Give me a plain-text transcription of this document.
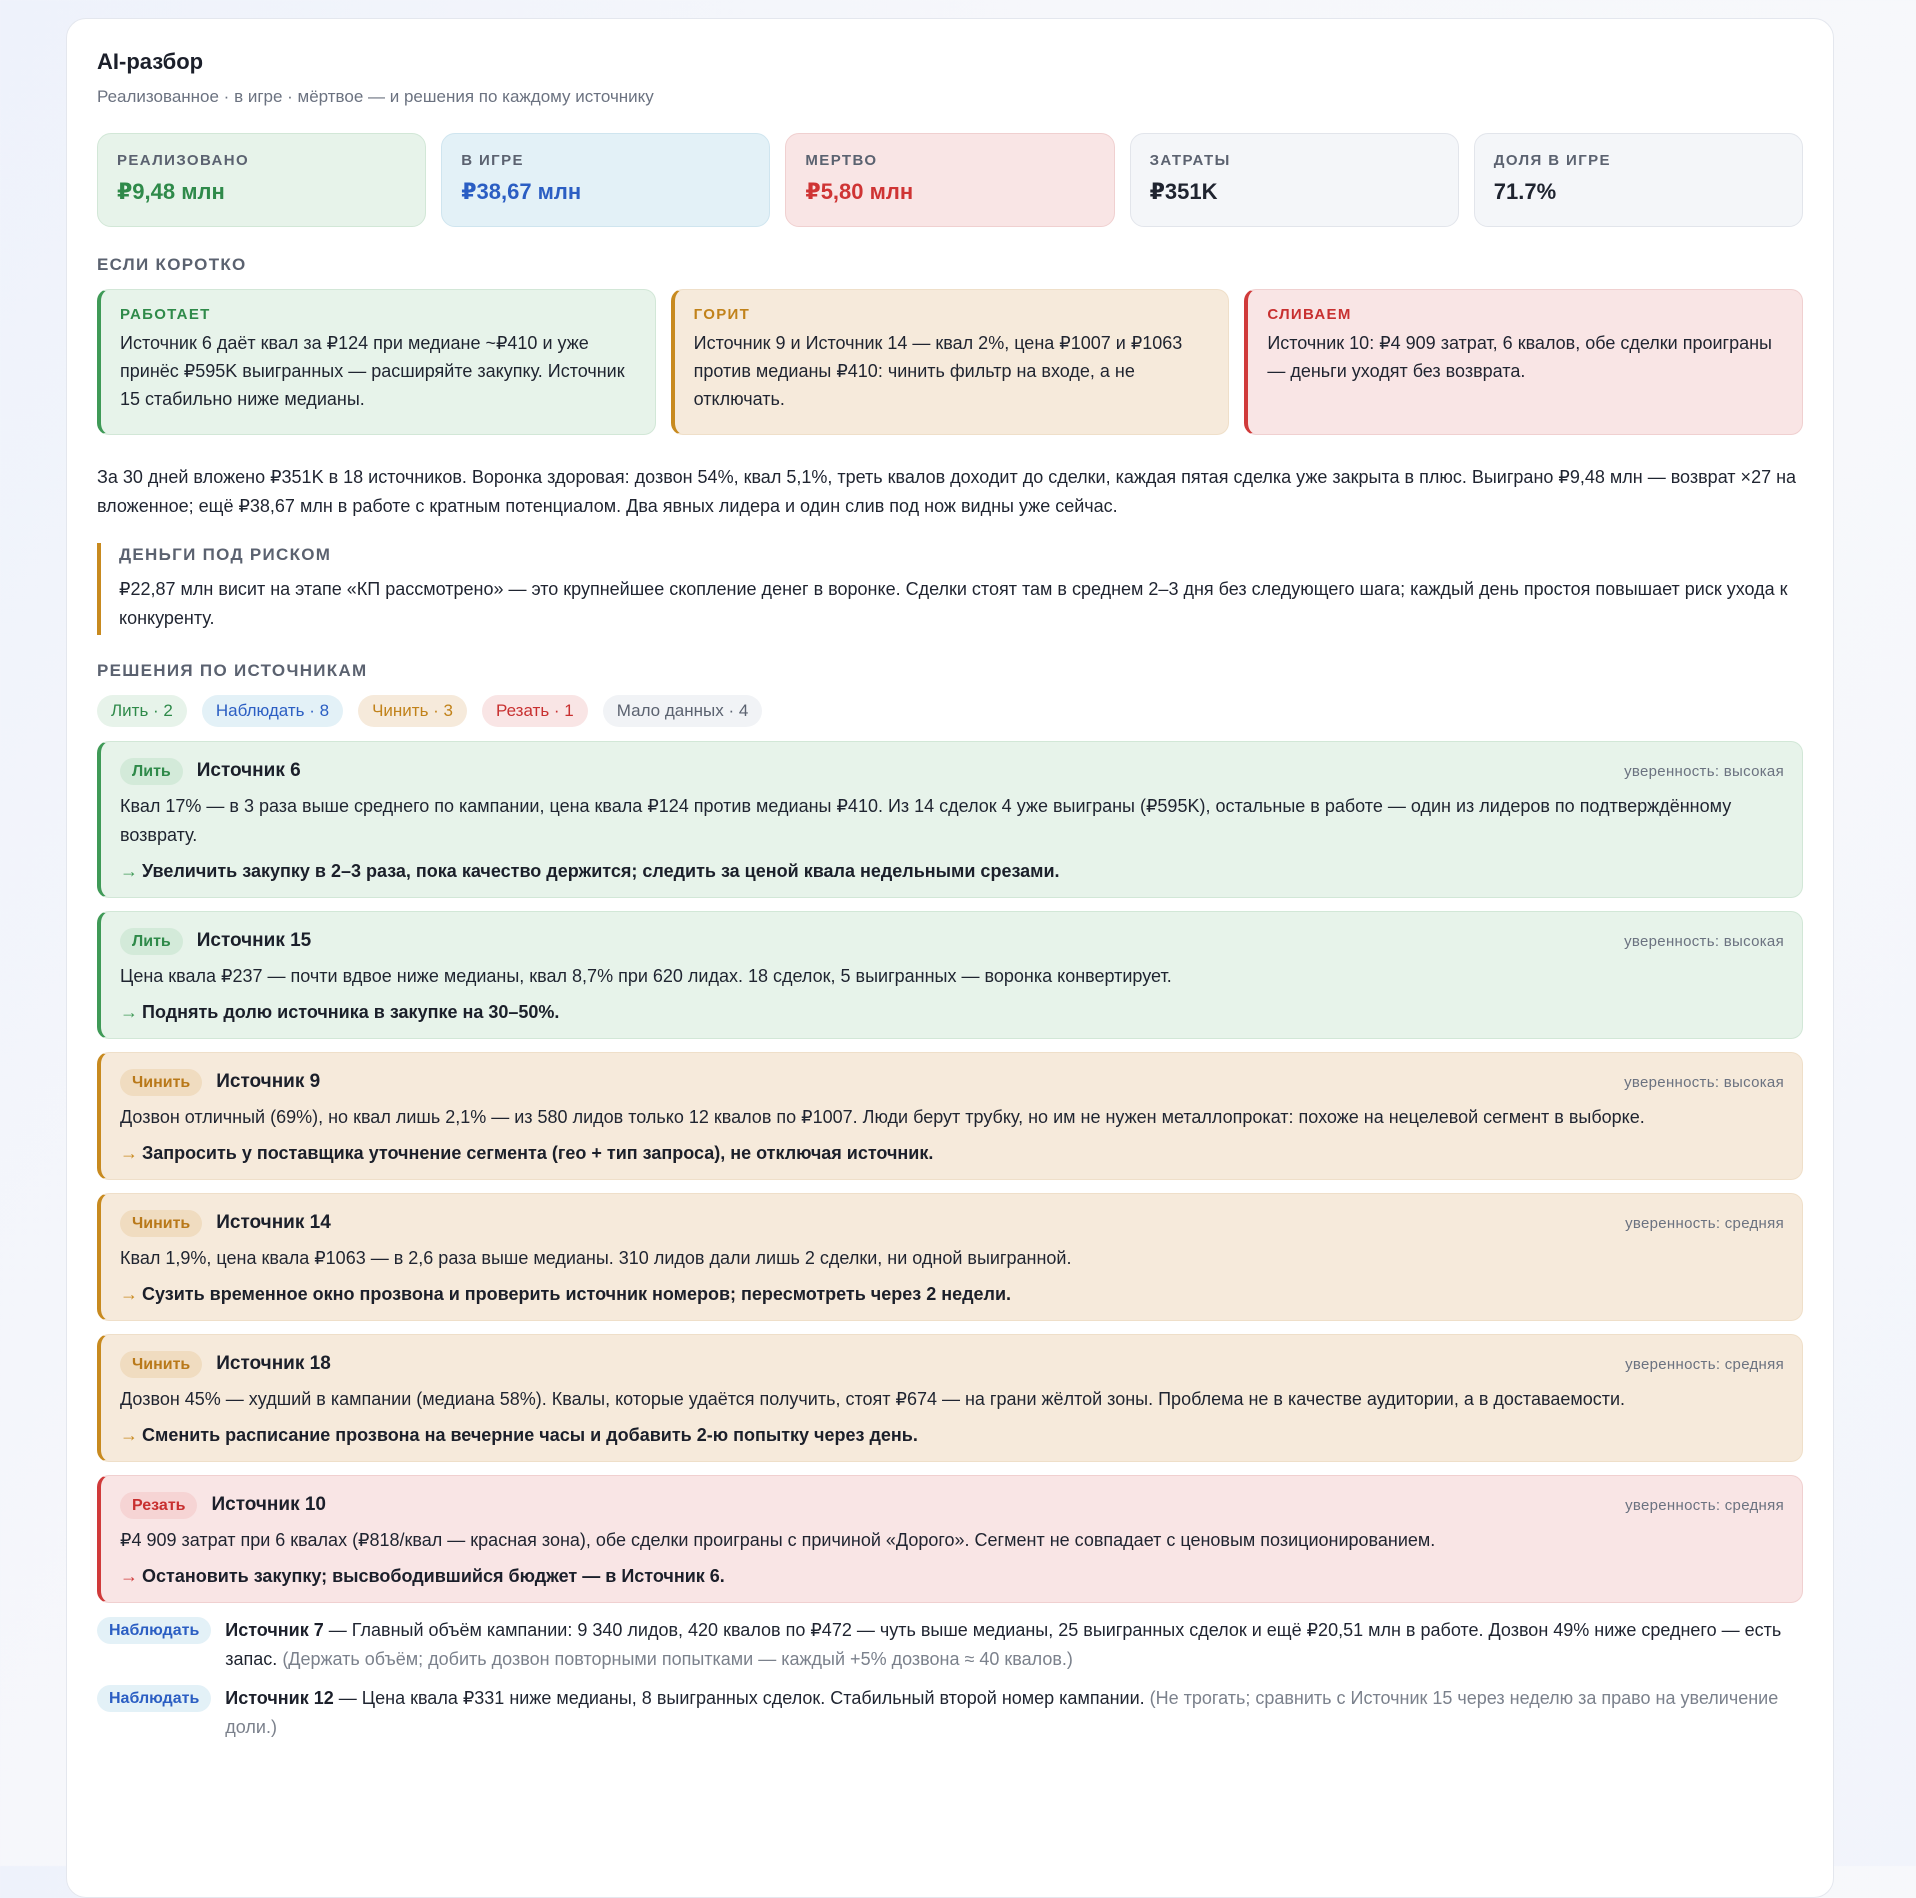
AI-разбор
Реализованное · в игре · мёртвое — и решения по каждому источнику
РЕАЛИЗОВАНО
₽9,48 млн
В ИГРЕ
₽38,67 млн
МЕРТВО
₽5,80 млн
ЗАТРАТЫ
₽351K
ДОЛЯ В ИГРЕ
71.7%
ЕСЛИ КОРОТКО
РАБОТАЕТ
Источник 6 даёт квал за ₽124 при медиане ~₽410 и уже принёс ₽595K выигранных — расширяйте закупку. Источник 15 стабильно ниже медианы.
ГОРИТ
Источник 9 и Источник 14 — квал 2%, цена ₽1007 и ₽1063 против медианы ₽410: чинить фильтр на входе, а не отключать.
СЛИВАЕМ
Источник 10: ₽4 909 затрат, 6 квалов, обе сделки проиграны — деньги уходят без возврата.
За 30 дней вложено ₽351K в 18 источников. Воронка здоровая: дозвон 54%, квал 5,1%, треть квалов доходит до сделки, каждая пятая сделка уже закрыта в плюс. Выиграно ₽9,48 млн — возврат ×27 на вложенное; ещё ₽38,67 млн в работе с кратным потенциалом. Два явных лидера и один слив под нож видны уже сейчас.
ДЕНЬГИ ПОД РИСКОМ
₽22,87 млн висит на этапе «КП рассмотрено» — это крупнейшее скопление денег в воронке. Сделки стоят там в среднем 2–3 дня без следующего шага; каждый день простоя повышает риск ухода к конкуренту.
РЕШЕНИЯ ПО ИСТОЧНИКАМ
Лить · 2	Наблюдать · 8	Чинить · 3	Резать · 1	Мало данных · 4
Лить	Источник 6	уверенность: высокая
Квал 17% — в 3 раза выше среднего по кампании, цена квала ₽124 против медианы ₽410. Из 14 сделок 4 уже выиграны (₽595K), остальные в работе — один из лидеров по подтверждённому возврату.
→ Увеличить закупку в 2–3 раза, пока качество держится; следить за ценой квала недельными срезами.
Лить	Источник 15	уверенность: высокая
Цена квала ₽237 — почти вдвое ниже медианы, квал 8,7% при 620 лидах. 18 сделок, 5 выигранных — воронка конвертирует.
→ Поднять долю источника в закупке на 30–50%.
Чинить	Источник 9	уверенность: высокая
Дозвон отличный (69%), но квал лишь 2,1% — из 580 лидов только 12 квалов по ₽1007. Люди берут трубку, но им не нужен металлопрокат: похоже на нецелевой сегмент в выборке.
→ Запросить у поставщика уточнение сегмента (гео + тип запроса), не отключая источник.
Чинить	Источник 14	уверенность: средняя
Квал 1,9%, цена квала ₽1063 — в 2,6 раза выше медианы. 310 лидов дали лишь 2 сделки, ни одной выигранной.
→ Сузить временное окно прозвона и проверить источник номеров; пересмотреть через 2 недели.
Чинить	Источник 18	уверенность: средняя
Дозвон 45% — худший в кампании (медиана 58%). Квалы, которые удаётся получить, стоят ₽674 — на грани жёлтой зоны. Проблема не в качестве аудитории, а в доставаемости.
→ Сменить расписание прозвона на вечерние часы и добавить 2-ю попытку через день.
Резать	Источник 10	уверенность: средняя
₽4 909 затрат при 6 квалах (₽818/квал — красная зона), обе сделки проиграны с причиной «Дорого». Сегмент не совпадает с ценовым позиционированием.
→ Остановить закупку; высвободившийся бюджет — в Источник 6.
Наблюдать	Источник 7 — Главный объём кампании: 9 340 лидов, 420 квалов по ₽472 — чуть выше медианы, 25 выигранных сделок и ещё ₽20,51 млн в работе. Дозвон 49% ниже среднего — есть запас. (Держать объём; добить дозвон повторными попытками — каждый +5% дозвона ≈ 40 квалов.)
Наблюдать	Источник 12 — Цена квала ₽331 ниже медианы, 8 выигранных сделок. Стабильный второй номер кампании. (Не трогать; сравнить с Источник 15 через неделю за право на увеличение доли.)
